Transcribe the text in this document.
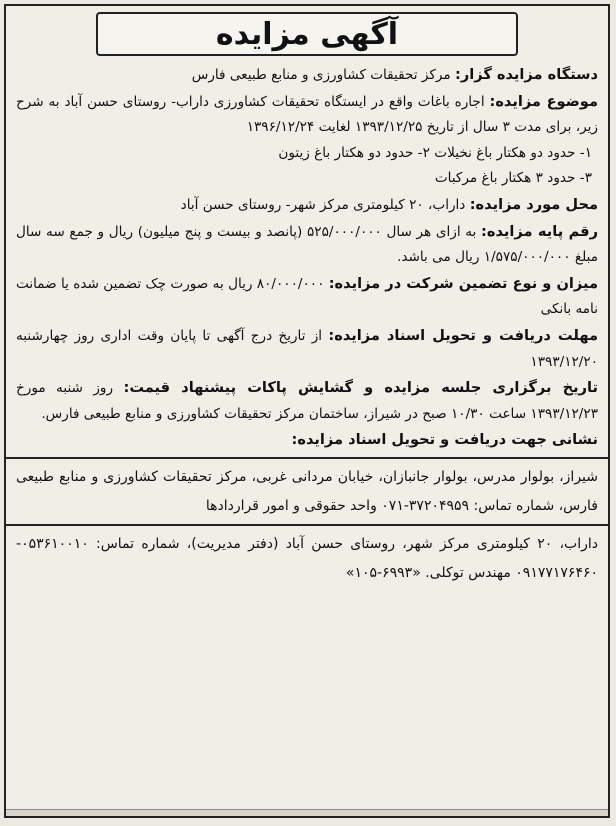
آگهی مزایده

دستگاه مزایده گزار: مرکز تحقیقات کشاورزی و منابع طبیعی فارس

موضوع مزایده: اجاره باغات واقع در ایستگاه تحقیقات کشاورزی داراب- روستای حسن آباد به شرح زیر، برای مدت ۳ سال از تاریخ ۱۳۹۳/۱۲/۲۵ لغایت ۱۳۹۶/۱۲/۲۴

۱- حدود دو هکتار باغ نخیلات ۲- حدود دو هکتار باغ زیتون

۳- حدود ۳ هکتار باغ مرکبات

محل مورد مزایده: داراب، ۲۰ کیلومتری مرکز شهر- روستای حسن آباد

رقم پایه مزایده: به ازای هر سال ۵۲۵/۰۰۰/۰۰۰ (پانصد و بیست و پنج میلیون) ریال و جمع سه سال مبلغ ۱/۵۷۵/۰۰۰/۰۰۰ ریال می باشد.

میزان و نوع تضمین شرکت در مزایده: ۸۰/۰۰۰/۰۰۰ ریال به صورت چک تضمین شده یا ضمانت نامه بانکی

مهلت دریافت و تحویل اسناد مزایده: از تاریخ درج آگهی تا پایان وقت اداری روز چهارشنبه ۱۳۹۳/۱۲/۲۰

تاریخ برگزاری جلسه مزایده و گشایش پاکات پیشنهاد قیمت: روز شنبه مورخ ۱۳۹۳/۱۲/۲۳ ساعت ۱۰/۳۰ صبح در شیراز، ساختمان مرکز تحقیقات کشاورزی و منابع طبیعی فارس.

نشانی جهت دریافت و تحویل اسناد مزایده:

شیراز، بولوار مدرس، بولوار جانبازان، خیابان مردانی غربی، مرکز تحقیقات کشاورزی و منابع طبیعی فارس، شماره تماس: ۳۷۲۰۴۹۵۹-۰۷۱ واحد حقوقی و امور قراردادها

داراب، ۲۰ کیلومتری مرکز شهر، روستای حسن آباد (دفتر مدیریت)، شماره تماس: ۰۵۳۶۱۰۰۱۰- ۰۹۱۷۷۱۷۶۴۶۰ مهندس توکلی. «۶۹۹۳-۱۰۵»
